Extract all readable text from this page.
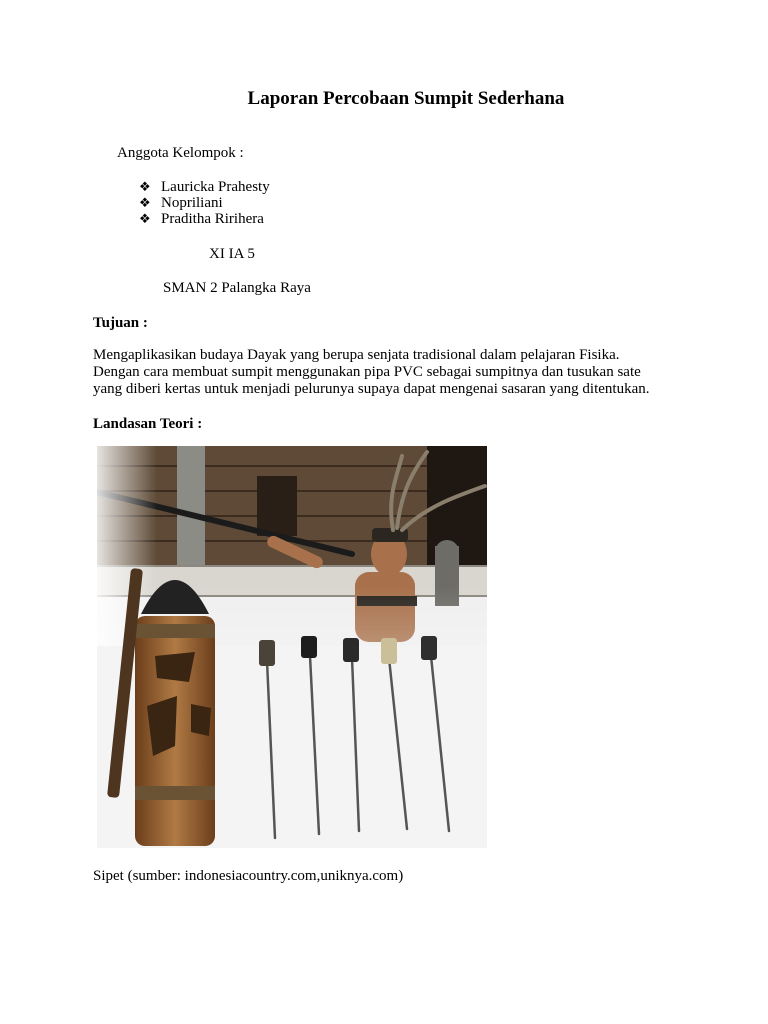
Laporan Percobaan Sumpit Sederhana
Anggota Kelompok :
❖ Lauricka Prahesty
❖ Nopriliani
❖ Praditha Ririhera
XI IA 5
SMAN 2 Palangka Raya
Tujuan :
Mengaplikasikan budaya Dayak yang berupa senjata tradisional dalam pelajaran Fisika.
Dengan cara membuat sumpit menggunakan pipa PVC sebagai sumpitnya dan tusukan sate
yang diberi kertas untuk menjadi pelurunya supaya dapat mengenai sasaran yang ditentukan.
Landasan Teori :
Sipet (sumber: indonesiacountry.com,uniknya.com)
